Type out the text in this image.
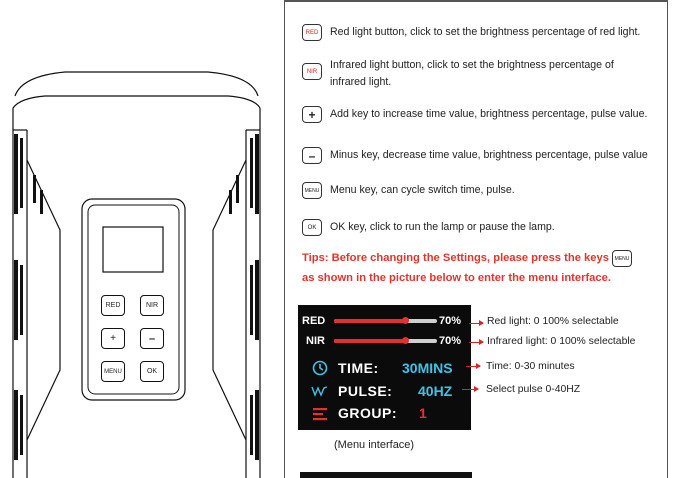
RED	NIR
+	–
MENU	OK
RED Red light button, click to set the brightness percentage of red light.
NIR
Infrared light button, click to set the brightness percentage of infrared light.
+ Add key to increase time value, brightness percentage, pulse value.
– Minus key, decrease time value, brightness percentage, pulse value
MENU Menu key, can cycle switch time, pulse.
OK OK key, click to run the lamp or pause the lamp.
Tips: Before changing the Settings, please press the keys MENU
as shown in the picture below to enter the menu interface.
RED	70%
NIR	70%
TIME: 30MINS
PULSE: 40HZ
GROUP: 1
Red light: 0 100% selectable
Infrared light: 0 100% selectable
Time: 0-30 minutes
Select pulse 0-40HZ
(Menu interface)
